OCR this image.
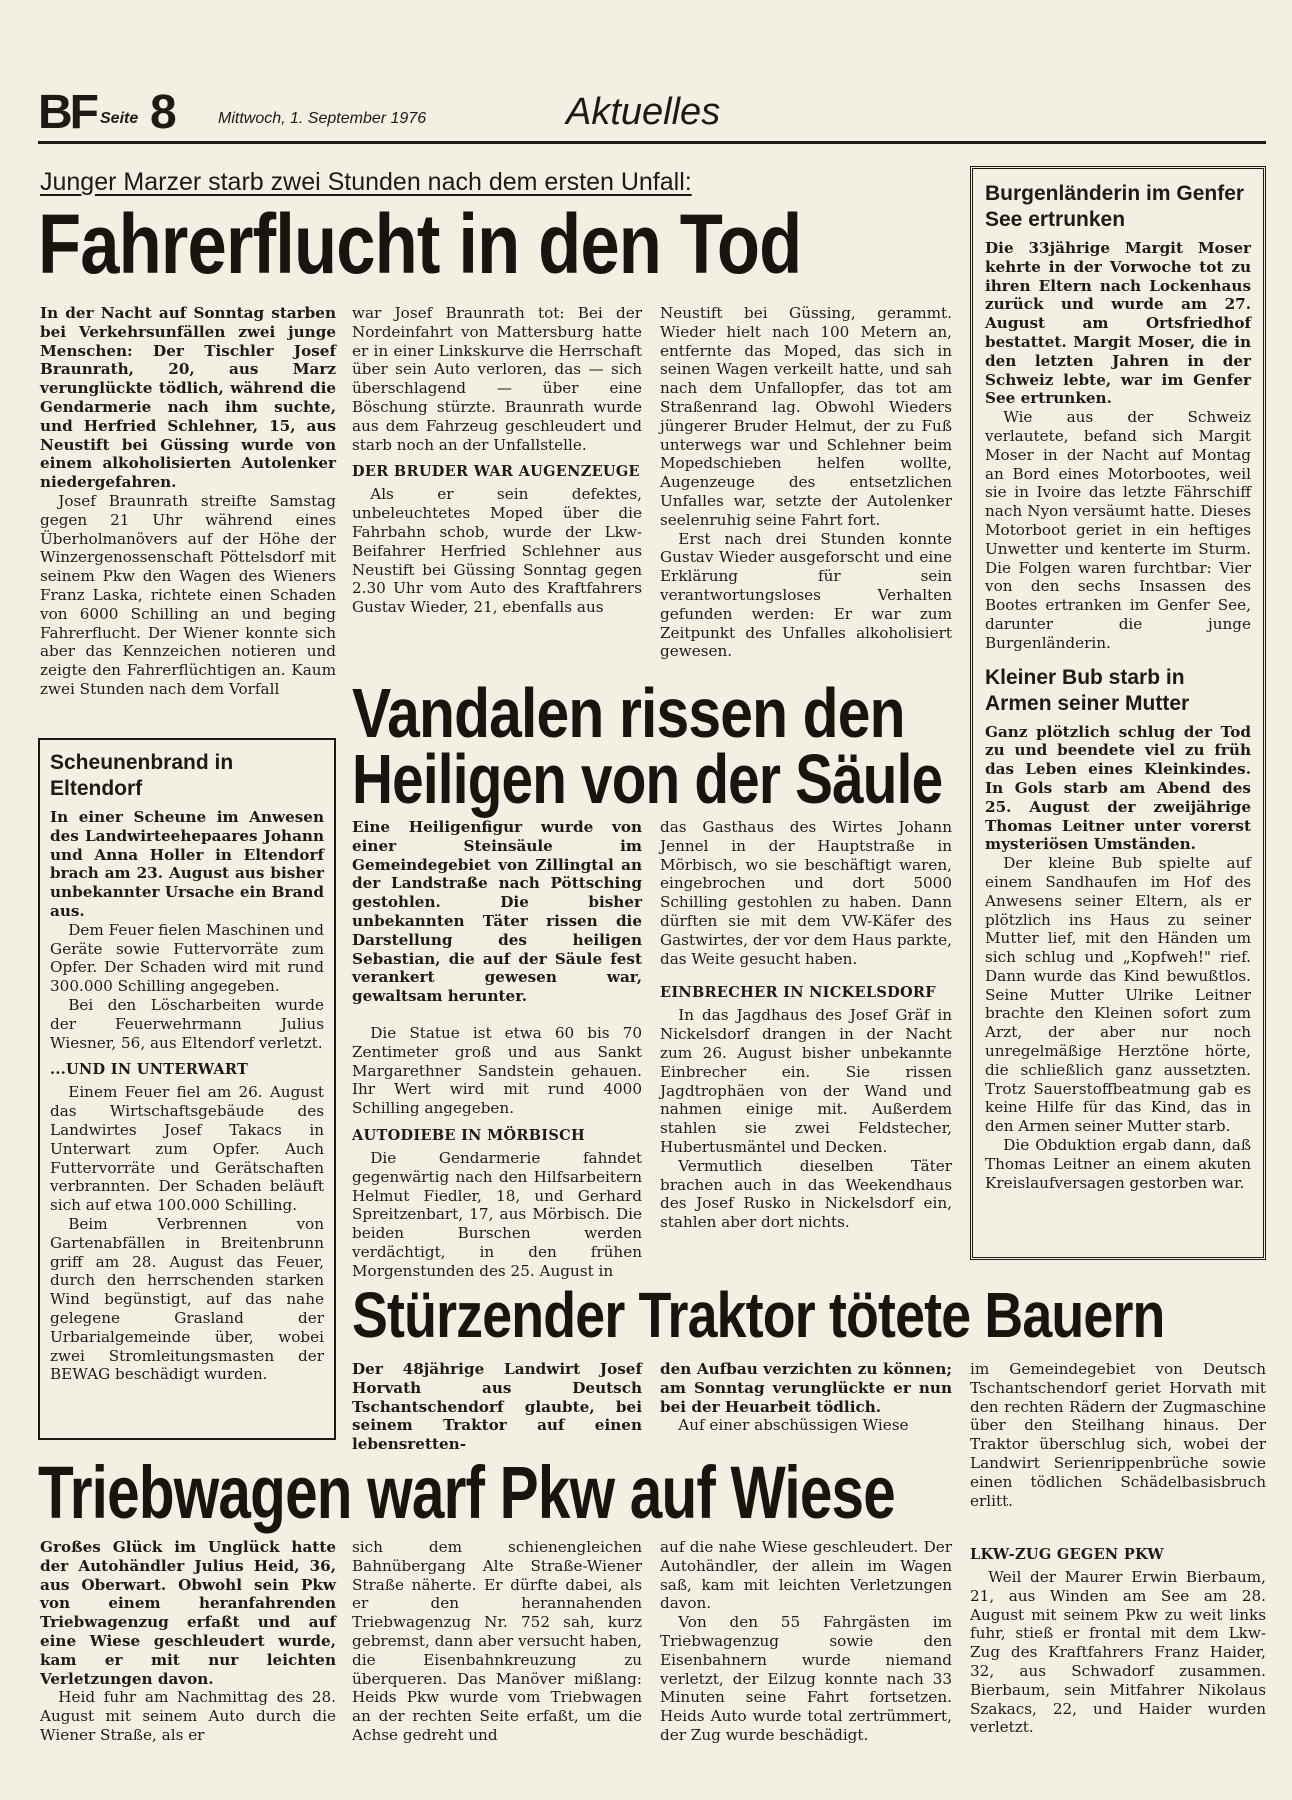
BF Seite 8	Mittwoch, 1. September 1976	Aktuelles
Junger Marzer starb zwei Stunden nach dem ersten Unfall:
Fahrerflucht in den Tod

In der Nacht auf Sonntag starben bei Verkehrsunfällen zwei junge Menschen: Der Tischler Josef Braunrath, 20, aus Marz verunglückte tödlich, während die Gendarmerie nach ihm suchte, und Herfried Schlehner, 15, aus Neustift bei Güssing wurde von einem alkoholisierten Autolenker niedergefahren.

Josef Braunrath streifte Samstag gegen 21 Uhr während eines Überholmanövers auf der Höhe der Winzergenossenschaft Pöttelsdorf mit seinem Pkw den Wagen des Wieners Franz Laska, richtete einen Schaden von 6000 Schilling an und beging Fahrerflucht. Der Wiener konnte sich aber das Kennzeichen notieren und zeigte den Fahrerflüchtigen an. Kaum zwei Stunden nach dem Vorfall

war Josef Braunrath tot: Bei der Nordeinfahrt von Mattersburg hatte er in einer Linkskurve die Herrschaft über sein Auto verloren, das — sich überschlagend — über eine Böschung stürzte. Braunrath wurde aus dem Fahrzeug geschleudert und starb noch an der Unfallstelle.

DER BRUDER WAR AUGENZEUGE

Als er sein defektes, unbeleuchtetes Moped über die Fahrbahn schob, wurde der Lkw-Beifahrer Herfried Schlehner aus Neustift bei Güssing Sonntag gegen 2.30 Uhr vom Auto des Kraftfahrers Gustav Wieder, 21, ebenfalls aus

Neustift bei Güssing, gerammt. Wieder hielt nach 100 Metern an, entfernte das Moped, das sich in seinen Wagen verkeilt hatte, und sah nach dem Unfallopfer, das tot am Straßenrand lag. Obwohl Wieders jüngerer Bruder Helmut, der zu Fuß unterwegs war und Schlehner beim Mopedschieben helfen wollte, Augenzeuge des entsetzlichen Unfalles war, setzte der Autolenker seelenruhig seine Fahrt fort.

Erst nach drei Stunden konnte Gustav Wieder ausgeforscht und eine Erklärung für sein verantwortungsloses Verhalten gefunden werden: Er war zum Zeitpunkt des Unfalles alkoholisiert gewesen.

Burgenländerin im Genfer See ertrunken

Die 33jährige Margit Moser kehrte in der Vorwoche tot zu ihren Eltern nach Lockenhaus zurück und wurde am 27. August am Ortsfriedhof bestattet. Margit Moser, die in den letzten Jahren in der Schweiz lebte, war im Genfer See ertrunken.

Wie aus der Schweiz verlautete, befand sich Margit Moser in der Nacht auf Montag an Bord eines Motorbootes, weil sie in Ivoire das letzte Fährschiff nach Nyon versäumt hatte. Dieses Motorboot geriet in ein heftiges Unwetter und kenterte im Sturm. Die Folgen waren furchtbar: Vier von den sechs Insassen des Bootes ertranken im Genfer See, darunter die junge Burgenländerin.

Kleiner Bub starb in Armen seiner Mutter

Ganz plötzlich schlug der Tod zu und beendete viel zu früh das Leben eines Kleinkindes. In Gols starb am Abend des 25. August der zweijährige Thomas Leitner unter vorerst mysteriösen Umständen.

Der kleine Bub spielte auf einem Sandhaufen im Hof des Anwesens seiner Eltern, als er plötzlich ins Haus zu seiner Mutter lief, mit den Händen um sich schlug und „Kopfweh!" rief. Dann wurde das Kind bewußtlos. Seine Mutter Ulrike Leitner brachte den Kleinen sofort zum Arzt, der aber nur noch unregelmäßige Herztöne hörte, die schließlich ganz aussetzten. Trotz Sauerstoffbeatmung gab es keine Hilfe für das Kind, das in den Armen seiner Mutter starb.

Die Obduktion ergab dann, daß Thomas Leitner an einem akuten Kreislaufversagen gestorben war.

Scheunenbrand in Eltendorf

In einer Scheune im Anwesen des Landwirteehepaares Johann und Anna Holler in Eltendorf brach am 23. August aus bisher unbekannter Ursache ein Brand aus.

Dem Feuer fielen Maschinen und Geräte sowie Futtervorräte zum Opfer. Der Schaden wird mit rund 300.000 Schilling angegeben.

Bei den Löscharbeiten wurde der Feuerwehrmann Julius Wiesner, 56, aus Eltendorf verletzt.

...UND IN UNTERWART

Einem Feuer fiel am 26. August das Wirtschaftsgebäude des Landwirtes Josef Takacs in Unterwart zum Opfer. Auch Futtervorräte und Gerätschaften verbrannten. Der Schaden beläuft sich auf etwa 100.000 Schilling.

Beim Verbrennen von Gartenabfällen in Breitenbrunn griff am 28. August das Feuer, durch den herrschenden starken Wind begünstigt, auf das nahe gelegene Grasland der Urbarialgemeinde über, wobei zwei Stromleitungsmasten der BEWAG beschädigt wurden.

Vandalen rissen den
Heiligen von der Säule

Eine Heiligenfigur wurde von einer Steinsäule im Gemeindegebiet von Zillingtal an der Landstraße nach Pöttsching gestohlen. Die bisher unbekannten Täter rissen die Darstellung des heiligen Sebastian, die auf der Säule fest verankert gewesen war, gewaltsam herunter.

Die Statue ist etwa 60 bis 70 Zentimeter groß und aus Sankt Margarethner Sandstein gehauen. Ihr Wert wird mit rund 4000 Schilling angegeben.

AUTODIEBE IN MÖRBISCH

Die Gendarmerie fahndet gegenwärtig nach den Hilfsarbeitern Helmut Fiedler, 18, und Gerhard Spreitzenbart, 17, aus Mörbisch. Die beiden Burschen werden verdächtigt, in den frühen Morgenstunden des 25. August in

das Gasthaus des Wirtes Johann Jennel in der Hauptstraße in Mörbisch, wo sie beschäftigt waren, eingebrochen und dort 5000 Schilling gestohlen zu haben. Dann dürften sie mit dem VW-Käfer des Gastwirtes, der vor dem Haus parkte, das Weite gesucht haben.

EINBRECHER IN NICKELSDORF

In das Jagdhaus des Josef Gräf in Nickelsdorf drangen in der Nacht zum 26. August bisher unbekannte Einbrecher ein. Sie rissen Jagdtrophäen von der Wand und nahmen einige mit. Außerdem stahlen sie zwei Feldstecher, Hubertusmäntel und Decken.

Vermutlich dieselben Täter brachen auch in das Weekendhaus des Josef Rusko in Nickelsdorf ein, stahlen aber dort nichts.

Stürzender Traktor tötete Bauern

Der 48jährige Landwirt Josef Horvath aus Deutsch Tschantschendorf glaubte, bei seinem Traktor auf einen lebensretten-

den Aufbau verzichten zu können; am Sonntag verunglückte er nun bei der Heuarbeit tödlich.

Auf einer abschüssigen Wiese

im Gemeindegebiet von Deutsch Tschantschendorf geriet Horvath mit den rechten Rädern der Zugmaschine über den Steilhang hinaus. Der Traktor überschlug sich, wobei der Landwirt Serienrippenbrüche sowie einen tödlichen Schädelbasisbruch erlitt.

Triebwagen warf Pkw auf Wiese

Großes Glück im Unglück hatte der Autohändler Julius Heid, 36, aus Oberwart. Obwohl sein Pkw von einem heranfahrenden Triebwagenzug erfaßt und auf eine Wiese geschleudert wurde, kam er mit nur leichten Verletzungen davon.

Heid fuhr am Nachmittag des 28. August mit seinem Auto durch die Wiener Straße, als er

sich dem schienengleichen Bahnübergang Alte Straße-Wiener Straße näherte. Er dürfte dabei, als er den herannahenden Triebwagenzug Nr. 752 sah, kurz gebremst, dann aber versucht haben, die Eisenbahnkreuzung zu überqueren. Das Manöver mißlang: Heids Pkw wurde vom Triebwagen an der rechten Seite erfaßt, um die Achse gedreht und

auf die nahe Wiese geschleudert. Der Autohändler, der allein im Wagen saß, kam mit leichten Verletzungen davon.

Von den 55 Fahrgästen im Triebwagenzug sowie den Eisenbahnern wurde niemand verletzt, der Eilzug konnte nach 33 Minuten seine Fahrt fortsetzen. Heids Auto wurde total zertrümmert, der Zug wurde beschädigt.

LKW-ZUG GEGEN PKW

Weil der Maurer Erwin Bierbaum, 21, aus Winden am See am 28. August mit seinem Pkw zu weit links fuhr, stieß er frontal mit dem Lkw-Zug des Kraftfahrers Franz Haider, 32, aus Schwadorf zusammen. Bierbaum, sein Mitfahrer Nikolaus Szakacs, 22, und Haider wurden verletzt.
